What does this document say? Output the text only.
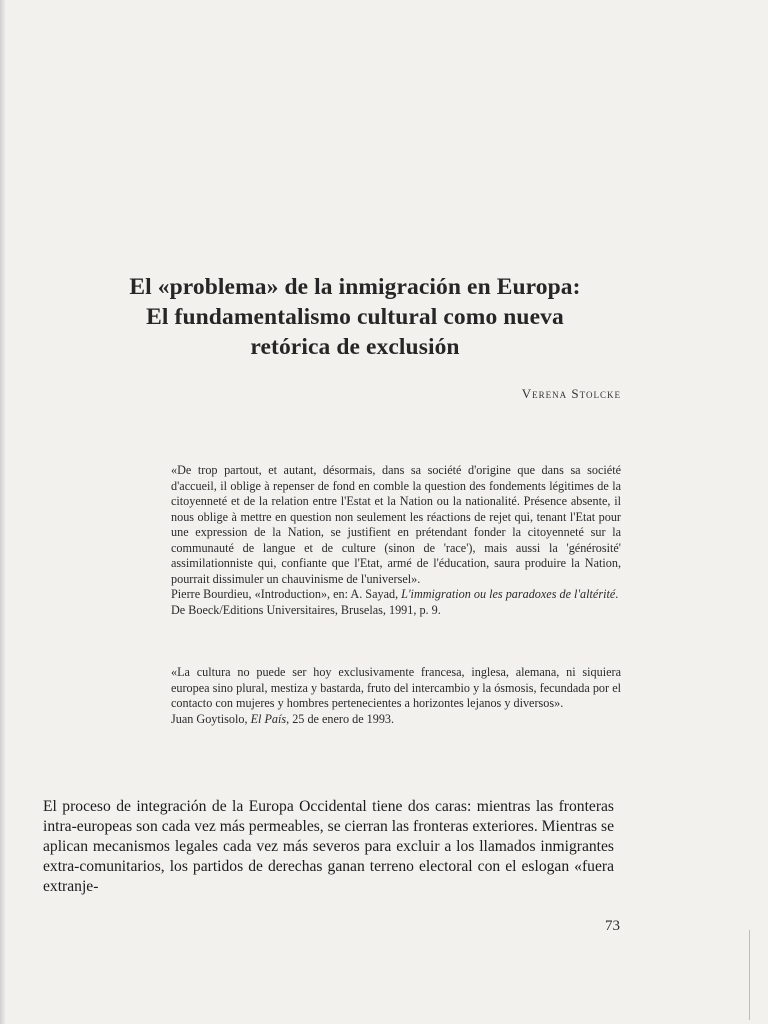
El «problema» de la inmigración en Europa:
El fundamentalismo cultural como nueva
retórica de exclusión
Verena Stolcke

«De trop partout, et autant, désormais, dans sa société d'origine que dans sa société d'accueil, il oblige à repenser de fond en comble la question des fondements légitimes de la citoyenneté et de la relation entre l'Estat et la Nation ou la nationalité. Présence absente, il nous oblige à mettre en question non seulement les réactions de rejet qui, tenant l'Etat pour une expression de la Nation, se justifient en prétendant fonder la citoyenneté sur la communauté de langue et de culture (sinon de 'race'), mais aussi la 'générosité' assimilationniste qui, confiante que l'Etat, armé de l'éducation, saura produire la Nation, pourrait dissimuler un chauvinisme de l'universel».

Pierre Bourdieu, «Introduction», en: A. Sayad, L'immigration ou les paradoxes de l'altérité. De Boeck/Editions Universitaires, Bruselas, 1991, p. 9.

«La cultura no puede ser hoy exclusivamente francesa, inglesa, alemana, ni siquiera europea sino plural, mestiza y bastarda, fruto del intercambio y la ósmosis, fecundada por el contacto con mujeres y hombres pertenecientes a horizontes lejanos y diversos».

Juan Goytisolo, El País, 25 de enero de 1993.

El proceso de integración de la Europa Occidental tiene dos caras: mientras las fronteras intra-europeas son cada vez más permeables, se cierran las fronteras exteriores. Mientras se aplican mecanismos legales cada vez más severos para excluir a los llamados inmigrantes extra-comunitarios, los partidos de derechas ganan terreno electoral con el eslogan «fuera extranje-

73
